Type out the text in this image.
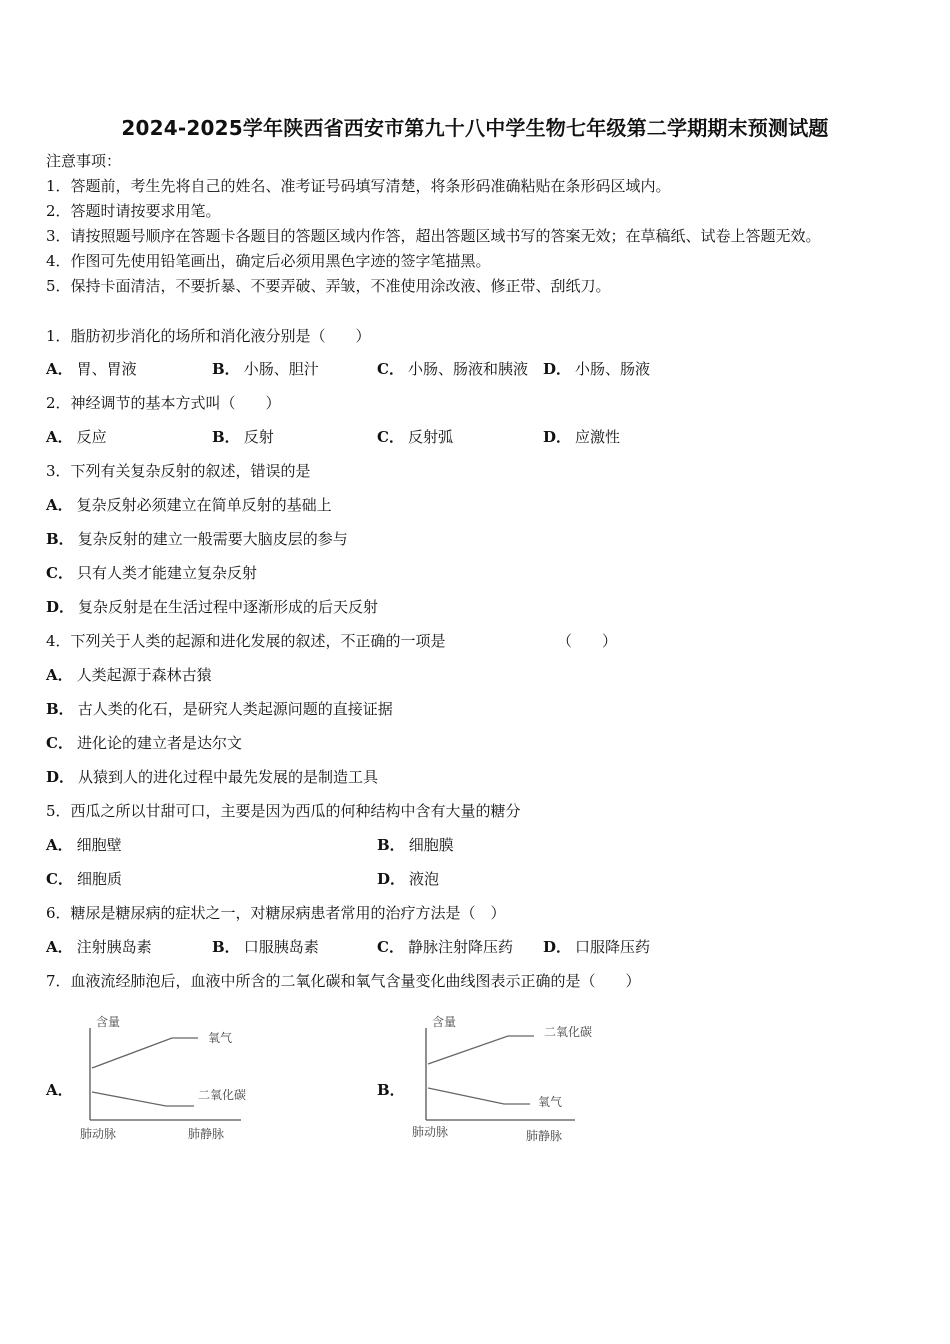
2024-2025学年陕西省西安市第九十八中学生物七年级第二学期期末预测试题
注意事项：
1．答题前，考生先将自己的姓名、准考证号码填写清楚，将条形码准确粘贴在条形码区域内。
2．答题时请按要求用笔。
3．请按照题号顺序在答题卡各题目的答题区域内作答，超出答题区域书写的答案无效；在草稿纸、试卷上答题无效。
4．作图可先使用铅笔画出，确定后必须用黑色字迹的签字笔描黑。
5．保持卡面清洁，不要折暴、不要弄破、弄皱，不准使用涂改液、修正带、刮纸刀。
1．脂肪初步消化的场所和消化液分别是（　　）
A． 胃、胃液	B． 小肠、胆汁	C． 小肠、肠液和胰液 D． 小肠、肠液
2．神经调节的基本方式叫（　　）
A． 反应	B． 反射	C． 反射弧	D． 应激性
3．下列有关复杂反射的叙述，错误的是
A． 复杂反射必须建立在简单反射的基础上
B． 复杂反射的建立一般需要大脑皮层的参与
C． 只有人类才能建立复杂反射
D． 复杂反射是在生活过程中逐渐形成的后天反射
4．下列关于人类的起源和进化发展的叙述，不正确的一项是	（　　）
A． 人类起源于森林古猿
B． 古人类的化石，是研究人类起源问题的直接证据
C． 进化论的建立者是达尔文
D． 从猿到人的进化过程中最先发展的是制造工具
5．西瓜之所以甘甜可口，主要是因为西瓜的何种结构中含有大量的糖分
A． 细胞壁	B． 细胞膜
C． 细胞质	D． 液泡
6．糖尿是糖尿病的症状之一，对糖尿病患者常用的治疗方法是（　）
A． 注射胰岛素	B． 口服胰岛素	C． 静脉注射降压药 D． 口服降压药
7．血液流经肺泡后，血液中所含的二氧化碳和氧气含量变化曲线图表示正确的是（　　）
A．	B．
含量
氧气
二氧化碳
肺动脉	肺静脉
含量
二氧化碳
氧气
肺动脉	肺静脉
